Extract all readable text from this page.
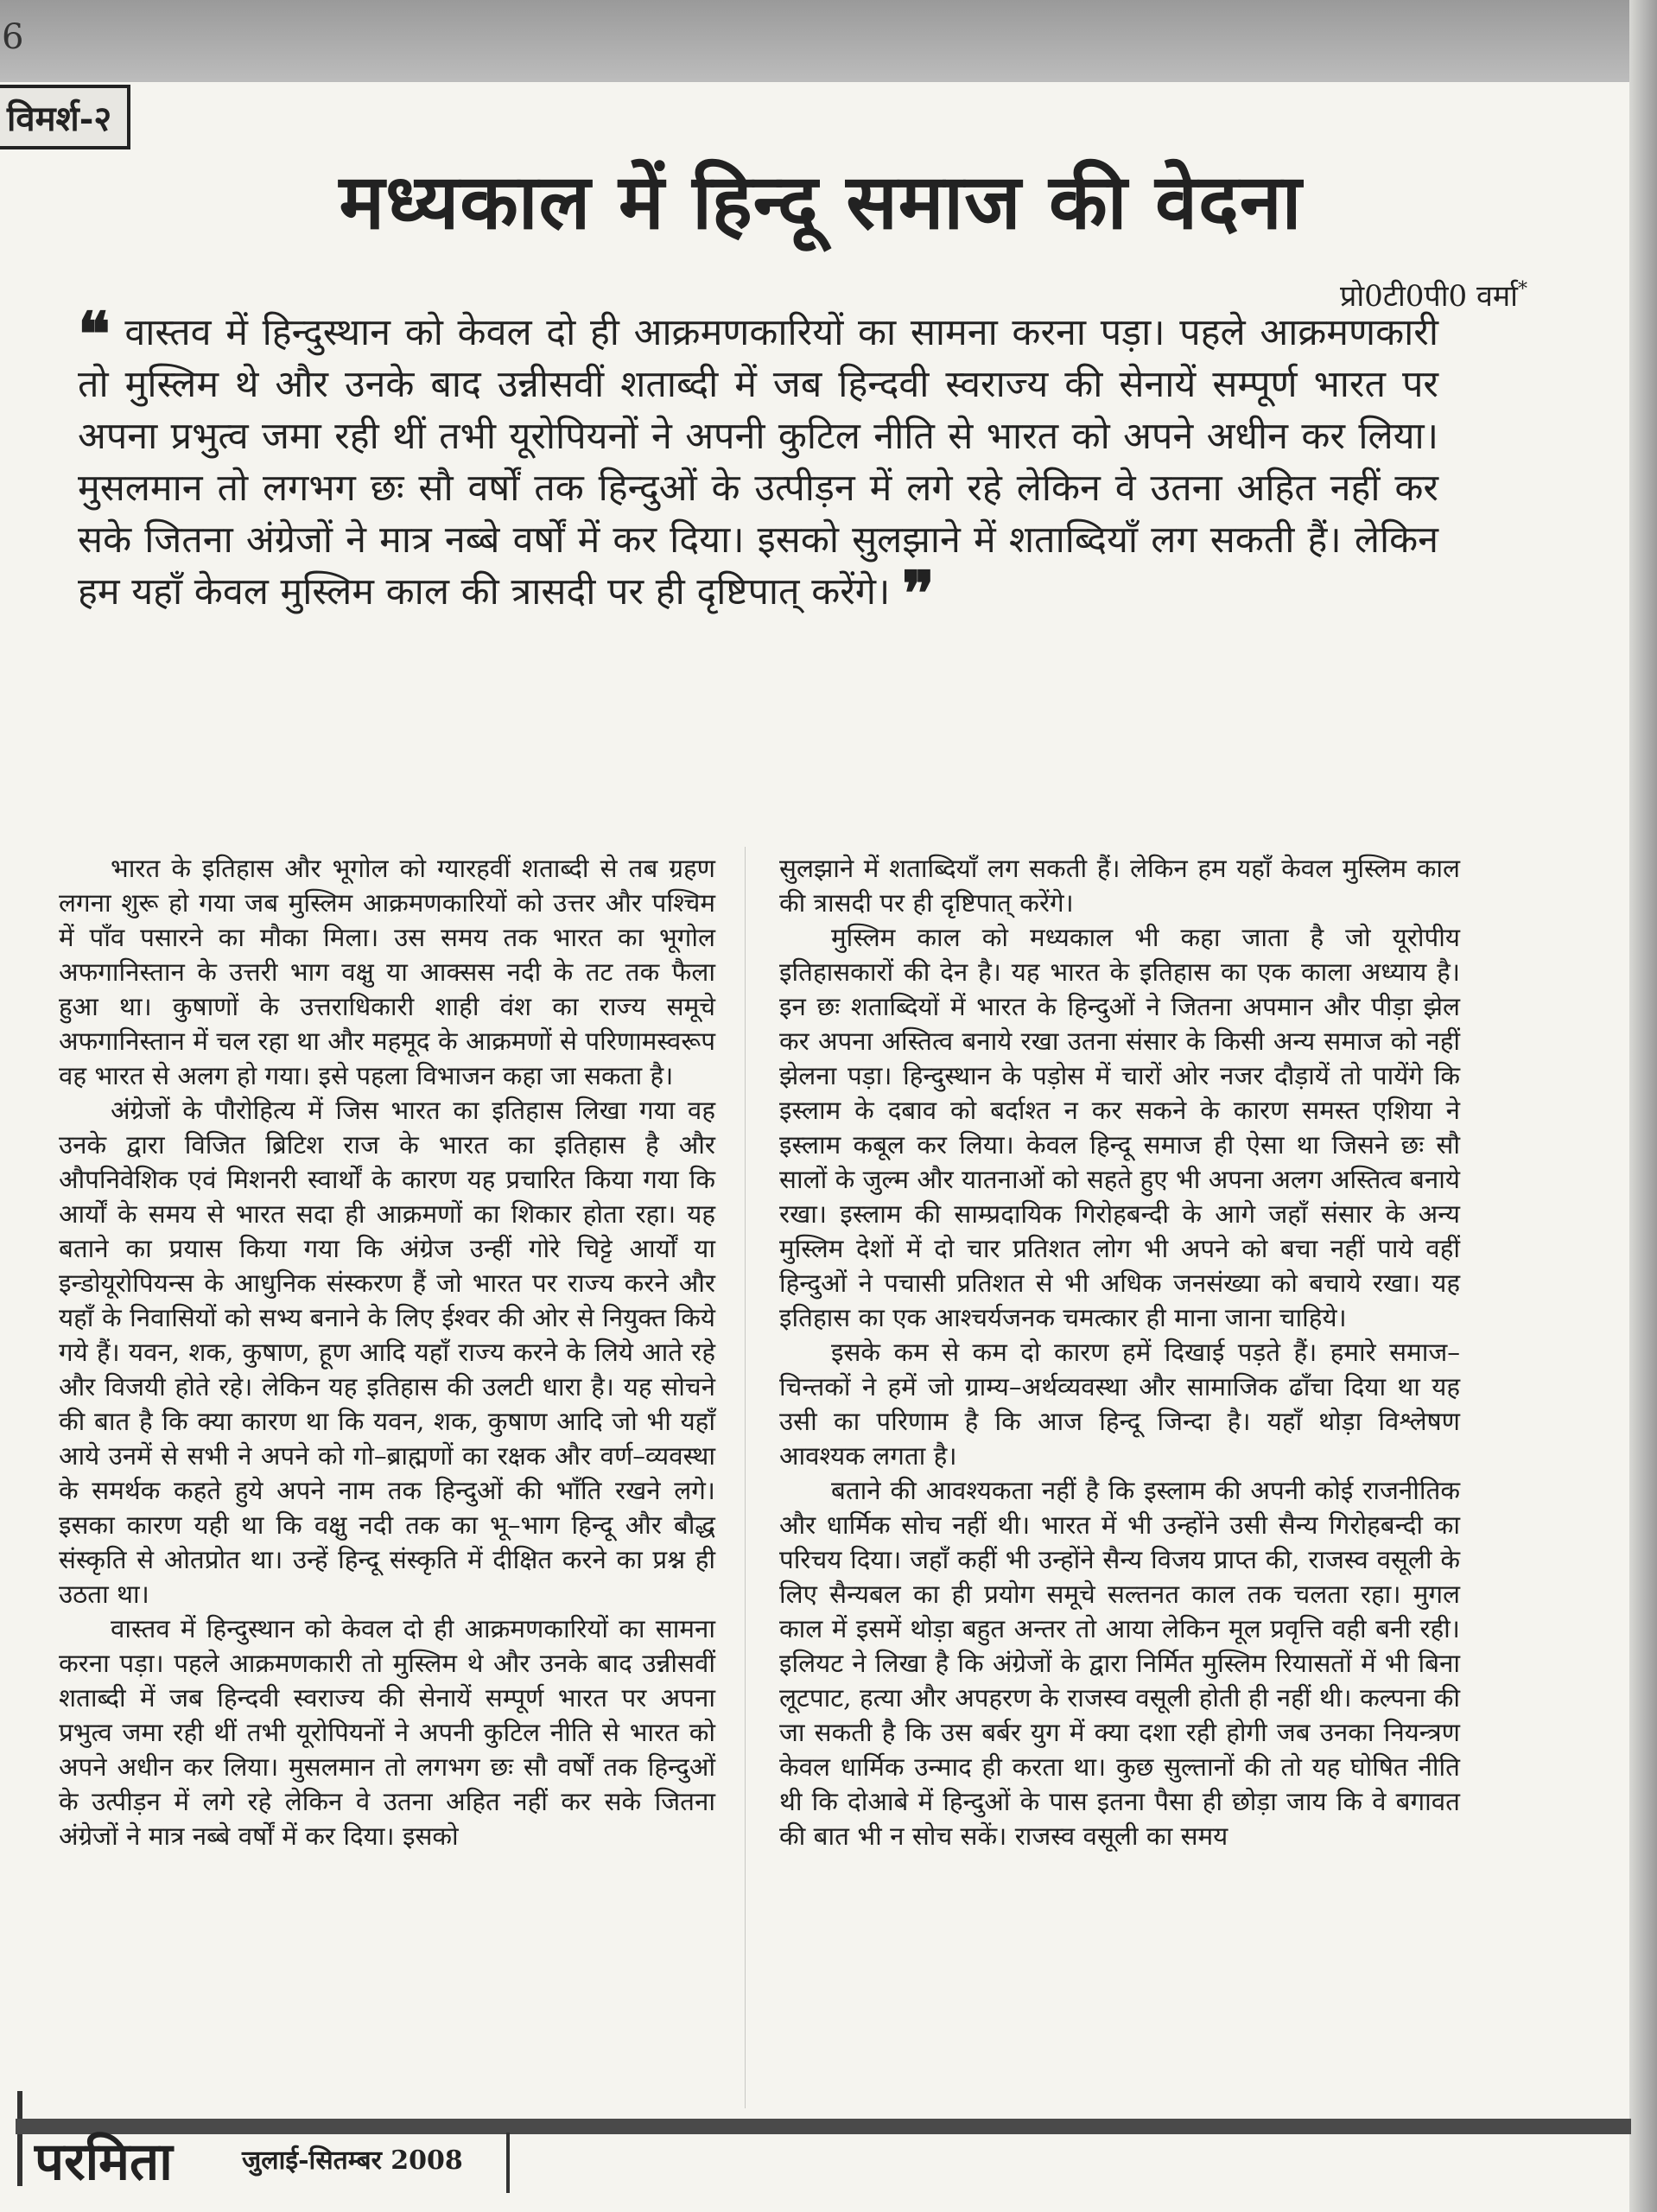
6
विमर्श-२
मध्यकाल में हिन्दू समाज की वेदना
प्रो0टी0पी0 वर्मा*
❝ वास्तव में हिन्दुस्थान को केवल दो ही आक्रमणकारियों का सामना करना पड़ा। पहले आक्रमणकारी तो मुस्लिम थे और उनके बाद उन्नीसवीं शताब्दी में जब हिन्दवी स्वराज्य की सेनायें सम्पूर्ण भारत पर अपना प्रभुत्व जमा रही थीं तभी यूरोपियनों ने अपनी कुटिल नीति से भारत को अपने अधीन कर लिया। मुसलमान तो लगभग छः सौ वर्षों तक हिन्दुओं के उत्पीड़न में लगे रहे लेकिन वे उतना अहित नहीं कर सके जितना अंग्रेजों ने मात्र नब्बे वर्षों में कर दिया। इसको सुलझाने में शताब्दियाँ लग सकती हैं। लेकिन हम यहाँ केवल मुस्लिम काल की त्रासदी पर ही दृष्टिपात् करेंगे। ❞

भारत के इतिहास और भूगोल को ग्यारहवीं शताब्दी से तब ग्रहण लगना शुरू हो गया जब मुस्लिम आक्रमणकारियों को उत्तर और पश्चिम में पाँव पसारने का मौका मिला। उस समय तक भारत का भूगोल अफगानिस्तान के उत्तरी भाग वक्षु या आक्सस नदी के तट तक फैला हुआ था। कुषाणों के उत्तराधिकारी शाही वंश का राज्य समूचे अफगानिस्तान में चल रहा था और महमूद के आक्रमणों से परिणामस्वरूप वह भारत से अलग हो गया। इसे पहला विभाजन कहा जा सकता है।

अंग्रेजों के पौरोहित्य में जिस भारत का इतिहास लिखा गया वह उनके द्वारा विजित ब्रिटिश राज के भारत का इतिहास है और औपनिवेशिक एवं मिशनरी स्वार्थों के कारण यह प्रचारित किया गया कि आर्यों के समय से भारत सदा ही आक्रमणों का शिकार होता रहा। यह बताने का प्रयास किया गया कि अंग्रेज उन्हीं गोरे चिट्टे आर्यों या इन्डोयूरोपियन्स के आधुनिक संस्करण हैं जो भारत पर राज्य करने और यहाँ के निवासियों को सभ्य बनाने के लिए ईश्वर की ओर से नियुक्त किये गये हैं। यवन, शक, कुषाण, हूण आदि यहाँ राज्य करने के लिये आते रहे और विजयी होते रहे। लेकिन यह इतिहास की उलटी धारा है। यह सोचने की बात है कि क्या कारण था कि यवन, शक, कुषाण आदि जो भी यहाँ आये उनमें से सभी ने अपने को गो–ब्राह्मणों का रक्षक और वर्ण–व्यवस्था के समर्थक कहते हुये अपने नाम तक हिन्दुओं की भाँति रखने लगे। इसका कारण यही था कि वक्षु नदी तक का भू–भाग हिन्दू और बौद्ध संस्कृति से ओतप्रोत था। उन्हें हिन्दू संस्कृति में दीक्षित करने का प्रश्न ही उठता था।

वास्तव में हिन्दुस्थान को केवल दो ही आक्रमणकारियों का सामना करना पड़ा। पहले आक्रमणकारी तो मुस्लिम थे और उनके बाद उन्नीसवीं शताब्दी में जब हिन्दवी स्वराज्य की सेनायें सम्पूर्ण भारत पर अपना प्रभुत्व जमा रही थीं तभी यूरोपियनों ने अपनी कुटिल नीति से भारत को अपने अधीन कर लिया। मुसलमान तो लगभग छः सौ वर्षों तक हिन्दुओं के उत्पीड़न में लगे रहे लेकिन वे उतना अहित नहीं कर सके जितना अंग्रेजों ने मात्र नब्बे वर्षों में कर दिया। इसको

सुलझाने में शताब्दियाँ लग सकती हैं। लेकिन हम यहाँ केवल मुस्लिम काल की त्रासदी पर ही दृष्टिपात् करेंगे।

मुस्लिम काल को मध्यकाल भी कहा जाता है जो यूरोपीय इतिहासकारों की देन है। यह भारत के इतिहास का एक काला अध्याय है। इन छः शताब्दियों में भारत के हिन्दुओं ने जितना अपमान और पीड़ा झेल कर अपना अस्तित्व बनाये रखा उतना संसार के किसी अन्य समाज को नहीं झेलना पड़ा। हिन्दुस्थान के पड़ोस में चारों ओर नजर दौड़ायें तो पायेंगे कि इस्लाम के दबाव को बर्दाश्त न कर सकने के कारण समस्त एशिया ने इस्लाम कबूल कर लिया। केवल हिन्दू समाज ही ऐसा था जिसने छः सौ सालों के जुल्म और यातनाओं को सहते हुए भी अपना अलग अस्तित्व बनाये रखा। इस्लाम की साम्प्रदायिक गिरोहबन्दी के आगे जहाँ संसार के अन्य मुस्लिम देशों में दो चार प्रतिशत लोग भी अपने को बचा नहीं पाये वहीं हिन्दुओं ने पचासी प्रतिशत से भी अधिक जनसंख्या को बचाये रखा। यह इतिहास का एक आश्चर्यजनक चमत्कार ही माना जाना चाहिये।

इसके कम से कम दो कारण हमें दिखाई पड़ते हैं। हमारे समाज–चिन्तकों ने हमें जो ग्राम्य–अर्थव्यवस्था और सामाजिक ढाँचा दिया था यह उसी का परिणाम है कि आज हिन्दू जिन्दा है। यहाँ थोड़ा विश्लेषण आवश्यक लगता है।

बताने की आवश्यकता नहीं है कि इस्लाम की अपनी कोई राजनीतिक और धार्मिक सोच नहीं थी। भारत में भी उन्होंने उसी सैन्य गिरोहबन्दी का परिचय दिया। जहाँ कहीं भी उन्होंने सैन्य विजय प्राप्त की, राजस्व वसूली के लिए सैन्यबल का ही प्रयोग समूचे सल्तनत काल तक चलता रहा। मुगल काल में इसमें थोड़ा बहुत अन्तर तो आया लेकिन मूल प्रवृत्ति वही बनी रही। इलियट ने लिखा है कि अंग्रेजों के द्वारा निर्मित मुस्लिम रियासतों में भी बिना लूटपाट, हत्या और अपहरण के राजस्व वसूली होती ही नहीं थी। कल्पना की जा सकती है कि उस बर्बर युग में क्या दशा रही होगी जब उनका नियन्त्रण केवल धार्मिक उन्माद ही करता था। कुछ सुल्तानों की तो यह घोषित नीति थी कि दोआबे में हिन्दुओं के पास इतना पैसा ही छोड़ा जाय कि वे बगावत की बात भी न सोच सकें। राजस्व वसूली का समय

परमिता	जुलाई-सितम्बर 2008
